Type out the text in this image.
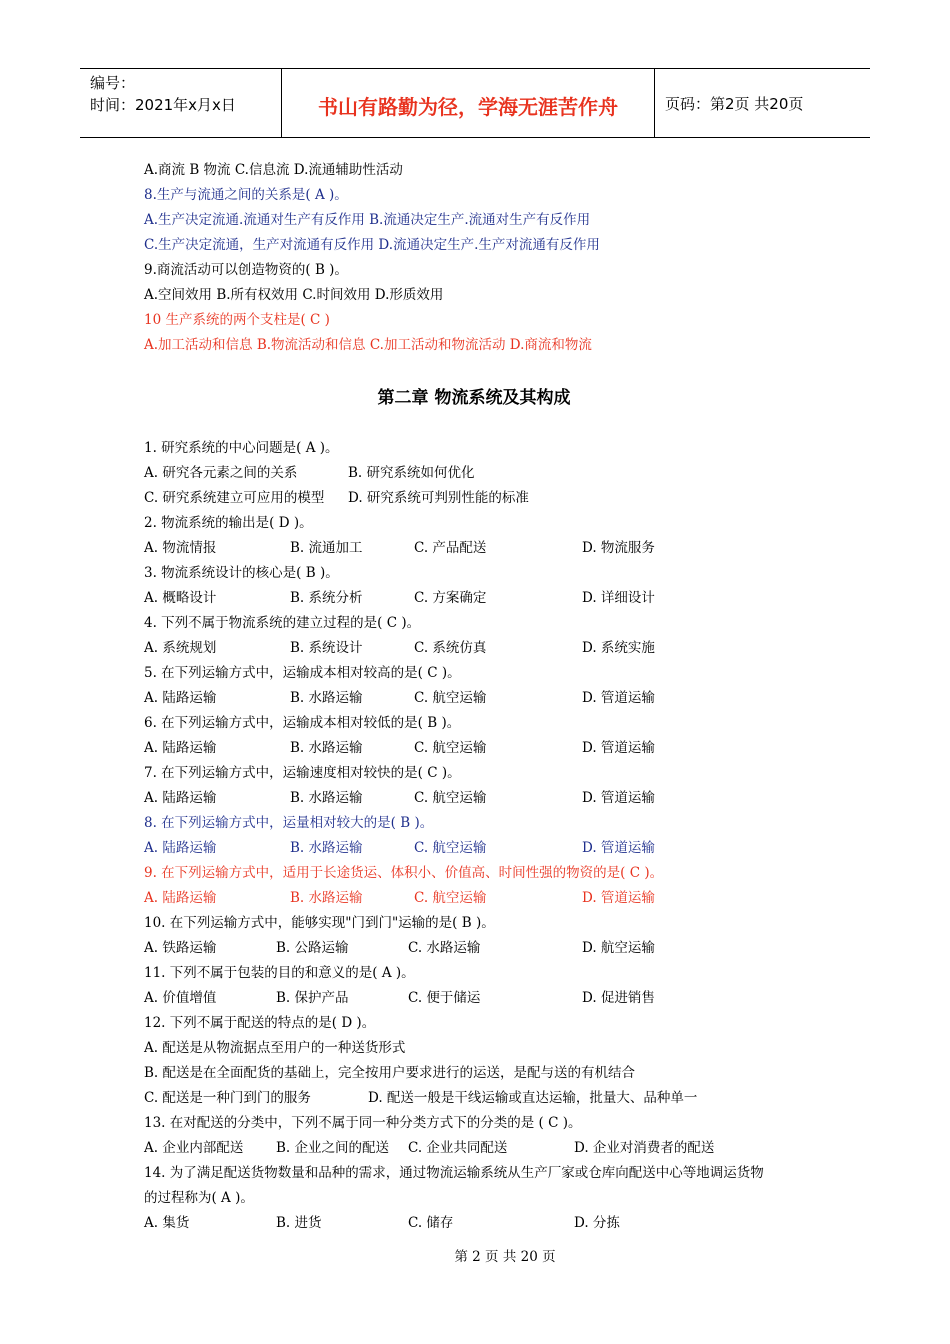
编号：
时间：2021年x月x日	书山有路勤为径，学海无涯苦作舟	页码：第2页 共20页
A.商流 B 物流 C.信息流 D.流通辅助性活动
8.生产与流通之间的关系是( A )。
A.生产决定流通.流通对生产有反作用 B.流通决定生产.流通对生产有反作用
C.生产决定流通，生产对流通有反作用 D.流通决定生产.生产对流通有反作用
9.商流活动可以创造物资的( B )。
A.空间效用 B.所有权效用 C.时间效用 D.形质效用
10 生产系统的两个支柱是( C )
A.加工活动和信息 B.物流活动和信息 C.加工活动和物流活动 D.商流和物流
第二章 物流系统及其构成
1. 研究系统的中心问题是( A )。
A. 研究各元素之间的关系	B. 研究系统如何优化
C. 研究系统建立可应用的模型 D. 研究系统可判别性能的标准
2. 物流系统的输出是( D )。
A. 物流情报	B. 流通加工	C. 产品配送	D. 物流服务
3. 物流系统设计的核心是( B )。
A. 概略设计	B. 系统分析	C. 方案确定	D. 详细设计
4. 下列不属于物流系统的建立过程的是( C )。
A. 系统规划	B. 系统设计	C. 系统仿真	D. 系统实施
5. 在下列运输方式中，运输成本相对较高的是( C )。
A. 陆路运输	B. 水路运输	C. 航空运输	D. 管道运输
6. 在下列运输方式中，运输成本相对较低的是( B )。
A. 陆路运输	B. 水路运输	C. 航空运输	D. 管道运输
7. 在下列运输方式中，运输速度相对较快的是( C )。
A. 陆路运输	B. 水路运输	C. 航空运输	D. 管道运输
8. 在下列运输方式中，运量相对较大的是( B )。
A. 陆路运输	B. 水路运输	C. 航空运输	D. 管道运输
9. 在下列运输方式中，适用于长途货运、体积小、价值高、时间性强的物资的是( C )。
A. 陆路运输	B. 水路运输	C. 航空运输	D. 管道运输
10. 在下列运输方式中，能够实现"门到门"运输的是( B )。
A. 铁路运输	B. 公路运输	C. 水路运输	D. 航空运输
11. 下列不属于包装的目的和意义的是( A )。
A. 价值增值	B. 保护产品	C. 便于储运	D. 促进销售
12. 下列不属于配送的特点的是( D )。
A. 配送是从物流据点至用户的一种送货形式
B. 配送是在全面配货的基础上，完全按用户要求进行的运送，是配与送的有机结合
C. 配送是一种门到门的服务	D. 配送一般是干线运输或直达运输，批量大、品种单一
13. 在对配送的分类中，下列不属于同一种分类方式下的分类的是 ( C )。
A. 企业内部配送 B. 企业之间的配送 C. 企业共同配送	D. 企业对消费者的配送
14. 为了满足配送货物数量和品种的需求，通过物流运输系统从生产厂家或仓库向配送中心等地调运货物
的过程称为( A )。
A. 集货	B. 进货	C. 储存	D. 分拣
第 2 页 共 20 页
